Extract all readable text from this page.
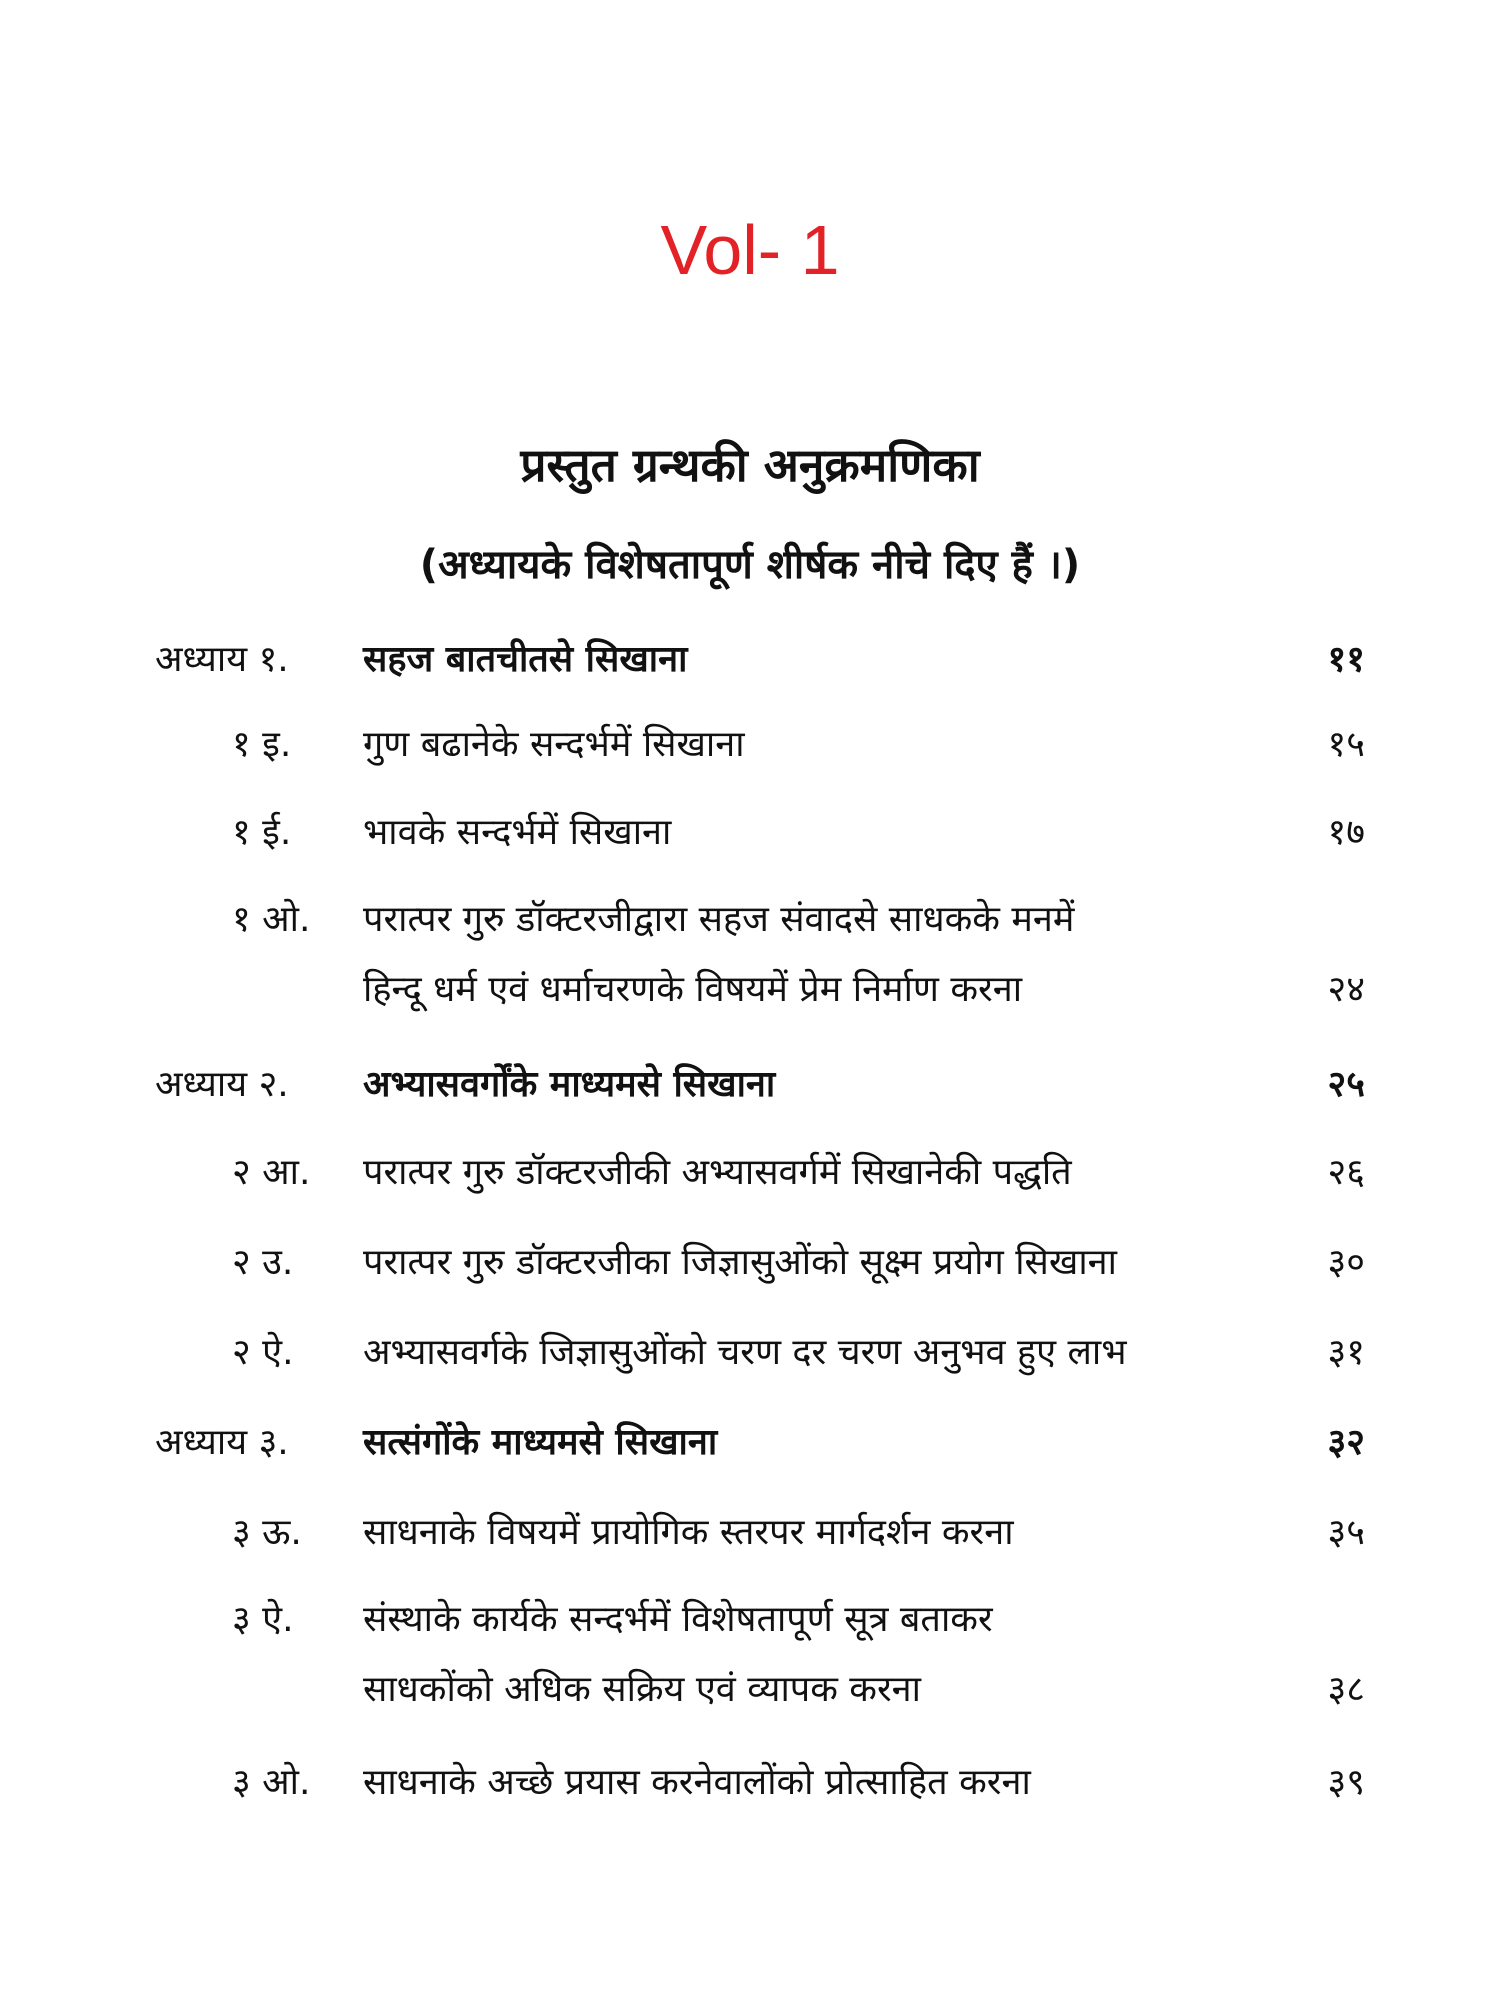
Vol- 1
प्रस्तुत ग्रन्थकी अनुक्रमणिका
(अध्यायके विशेषतापूर्ण शीर्षक नीचे दिए हैं ।)
अध्याय १. सहज बातचीतसे सिखाना	११
१ इ. गुण बढानेके सन्दर्भमें सिखाना	१५
१ ई. भावके सन्दर्भमें सिखाना	१७
१ ओ. परात्पर गुरु डॉक्टरजीद्वारा सहज संवादसे साधकके मनमें
हिन्दू धर्म एवं धर्माचरणके विषयमें प्रेम निर्माण करना	२४
अध्याय २. अभ्यासवर्गोंके माध्यमसे सिखाना	२५
२ आ. परात्पर गुरु डॉक्टरजीकी अभ्यासवर्गमें सिखानेकी पद्धति	२६
२ उ. परात्पर गुरु डॉक्टरजीका जिज्ञासुओंको सूक्ष्म प्रयोग सिखाना	३०
२ ऐ. अभ्यासवर्गके जिज्ञासुओंको चरण दर चरण अनुभव हुए लाभ	३१
अध्याय ३. सत्संगोंके माध्यमसे सिखाना	३२
३ ऊ. साधनाके विषयमें प्रायोगिक स्तरपर मार्गदर्शन करना	३५
३ ऐ. संस्थाके कार्यके सन्दर्भमें विशेषतापूर्ण सूत्र बताकर
साधकोंको अधिक सक्रिय एवं व्यापक करना	३८
३ ओ. साधनाके अच्छे प्रयास करनेवालोंको प्रोत्साहित करना	३९
